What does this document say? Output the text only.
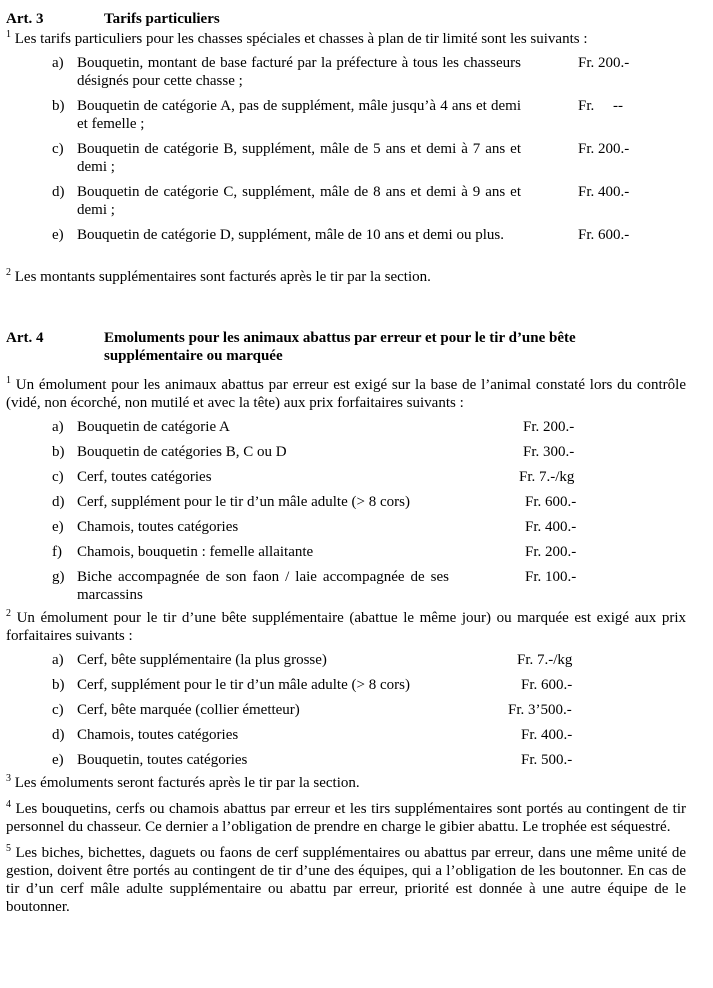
Art. 3	Tarifs particuliers

$^1$ Les tarifs particuliers pour les chasses spéciales et chasses à plan de tir limité sont les suivants :

a) Bouquetin, montant de base facturé par la préfecture à tous les chasseurs désignés pour cette chasse ;
Fr. 200.-
b) Bouquetin de catégorie A, pas de supplément, mâle jusqu’à 4 ans et demi et femelle ;
Fr.     --
c) Bouquetin de catégorie B, supplément, mâle de 5 ans et demi à 7 ans et demi ;
Fr. 200.-
d) Bouquetin de catégorie C, supplément, mâle de 8 ans et demi à 9 ans et demi ;
Fr. 400.-
e) Bouquetin de catégorie D, supplément, mâle de 10 ans et demi ou plus.	Fr. 600.-

$^2$ Les montants supplémentaires sont facturés après le tir par la section.

Art. 4	Emoluments pour les animaux abattus par erreur et pour le tir d’une bête supplémentaire ou marquée

$^1$ Un émolument pour les animaux abattus par erreur est exigé sur la base de l’animal constaté lors du contrôle (vidé, non écorché, non mutilé et avec la tête) aux prix forfaitaires suivants :

a) Bouquetin de catégorie A	Fr. 200.-
b) Bouquetin de catégories B, C ou D	Fr. 300.-
c) Cerf, toutes catégories	Fr. 7.-/kg
d) Cerf, supplément pour le tir d’un mâle adulte (> 8 cors)	Fr. 600.-
e) Chamois, toutes catégories	Fr. 400.-
f) Chamois, bouquetin : femelle allaitante	Fr. 200.-
g) Biche accompagnée de son faon / laie accompagnée de ses marcassins
Fr. 100.-

$^2$ Un émolument pour le tir d’une bête supplémentaire (abattue le même jour) ou marquée est exigé aux prix forfaitaires suivants :

a) Cerf, bête supplémentaire (la plus grosse)	Fr. 7.-/kg
b) Cerf, supplément pour le tir d’un mâle adulte (> 8 cors)	Fr. 600.-
c) Cerf, bête marquée (collier émetteur)	Fr. 3’500.-
d) Chamois, toutes catégories	Fr. 400.-
e) Bouquetin, toutes catégories	Fr. 500.-

$^3$ Les émoluments seront facturés après le tir par la section.

$^4$ Les bouquetins, cerfs ou chamois abattus par erreur et les tirs supplémentaires sont portés au contingent de tir personnel du chasseur. Ce dernier a l’obligation de prendre en charge le gibier abattu. Le trophée est séquestré.

$^5$ Les biches, bichettes, daguets ou faons de cerf supplémentaires ou abattus par erreur, dans une même unité de gestion, doivent être portés au contingent de tir d’une des équipes, qui a l’obligation de les boutonner. En cas de tir d’un cerf mâle adulte supplémentaire ou abattu par erreur, priorité est donnée à une autre équipe de le boutonner.
